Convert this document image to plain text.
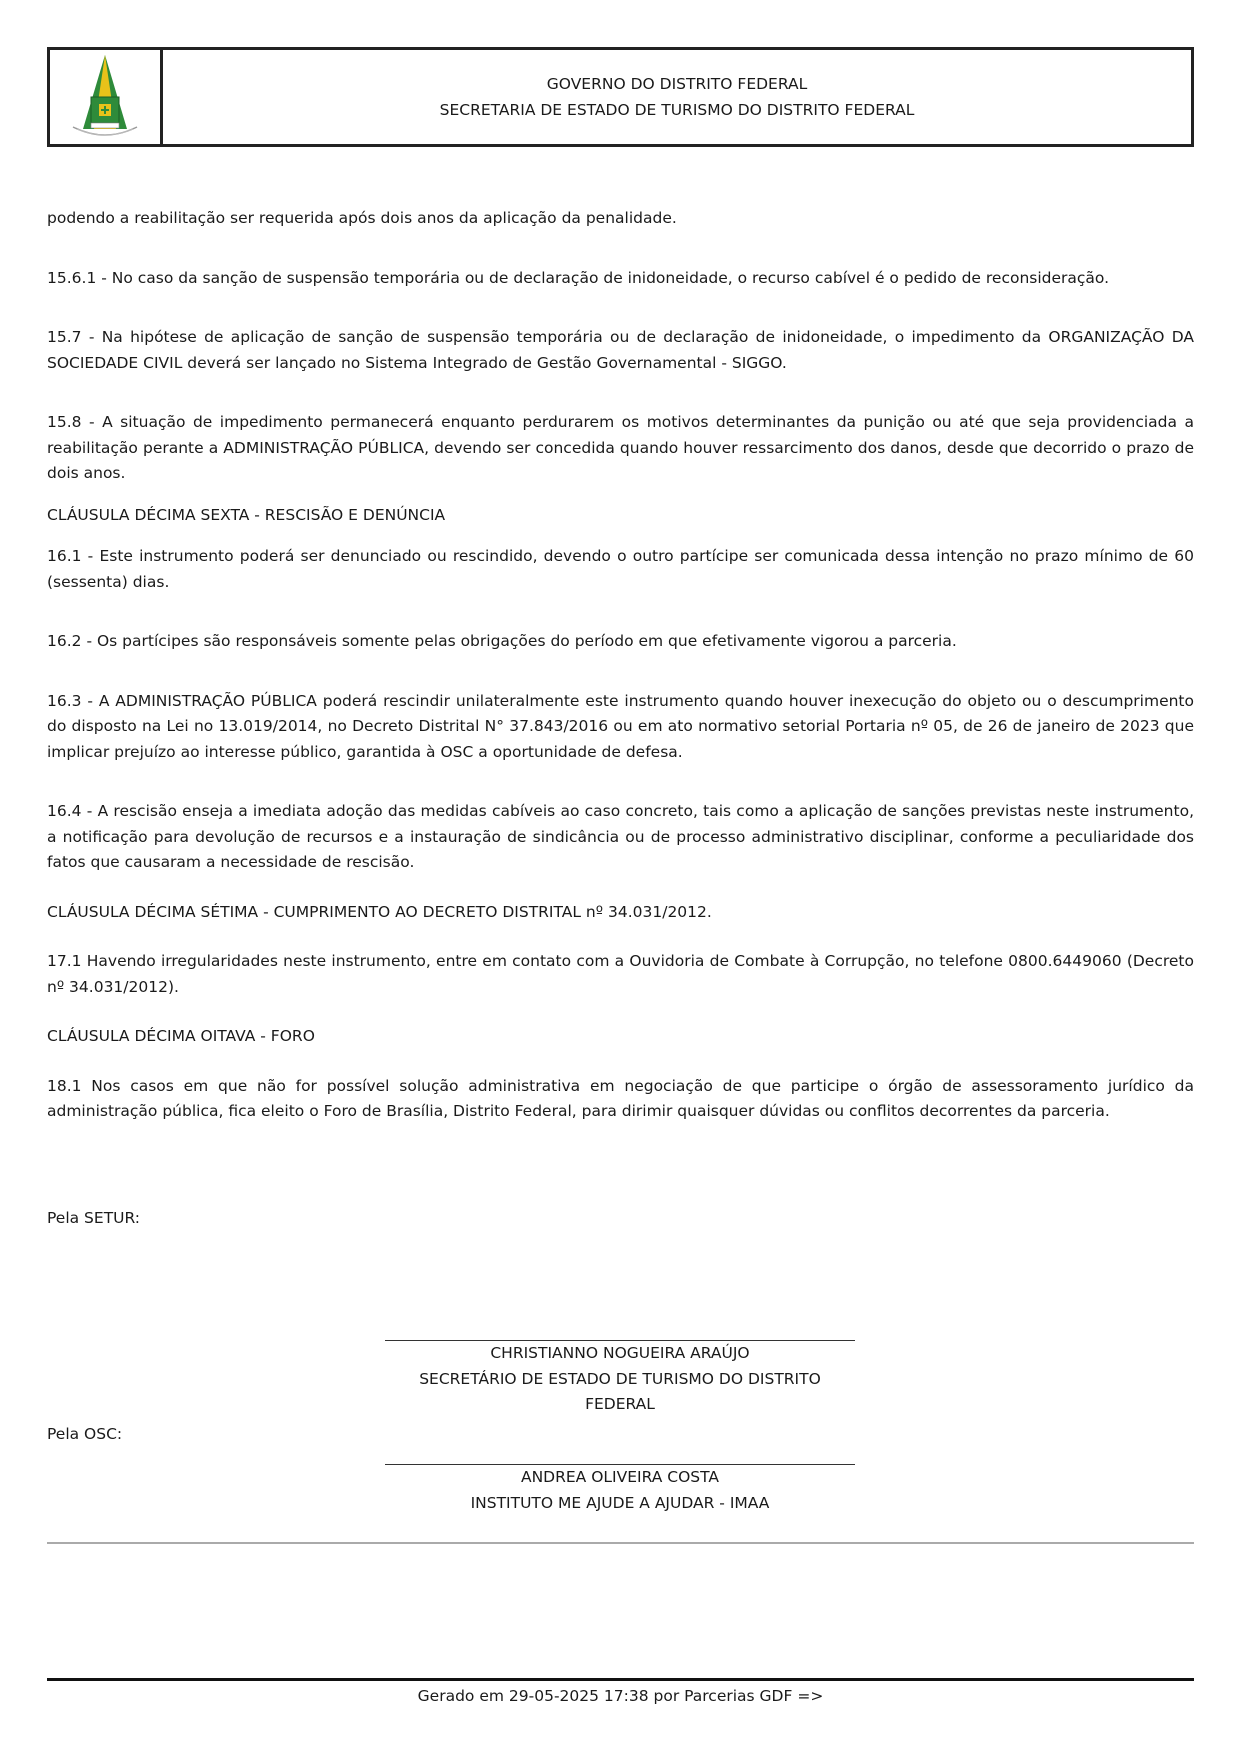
GOVERNO DO DISTRITO FEDERAL
SECRETARIA DE ESTADO DE TURISMO DO DISTRITO FEDERAL

podendo a reabilitação ser requerida após dois anos da aplicação da penalidade.

15.6.1 - No caso da sanção de suspensão temporária ou de declaração de inidoneidade, o recurso cabível é o pedido de reconsideração.

15.7 - Na hipótese de aplicação de sanção de suspensão temporária ou de declaração de inidoneidade, o impedimento da ORGANIZAÇÃO DA SOCIEDADE CIVIL deverá ser lançado no Sistema Integrado de Gestão Governamental - SIGGO.

15.8 - A situação de impedimento permanecerá enquanto perdurarem os motivos determinantes da punição ou até que seja providenciada a reabilitação perante a ADMINISTRAÇÃO PÚBLICA, devendo ser concedida quando houver ressarcimento dos danos, desde que decorrido o prazo de dois anos.

CLÁUSULA DÉCIMA SEXTA - RESCISÃO E DENÚNCIA

16.1 - Este instrumento poderá ser denunciado ou rescindido, devendo o outro partícipe ser comunicada dessa intenção no prazo mínimo de 60 (sessenta) dias.

16.2 - Os partícipes são responsáveis somente pelas obrigações do período em que efetivamente vigorou a parceria.

16.3 - A ADMINISTRAÇÃO PÚBLICA poderá rescindir unilateralmente este instrumento quando houver inexecução do objeto ou o descumprimento do disposto na Lei no 13.019/2014, no Decreto Distrital N° 37.843/2016 ou em ato normativo setorial Portaria nº 05, de 26 de janeiro de 2023 que implicar prejuízo ao interesse público, garantida à OSC a oportunidade de defesa.

16.4 - A rescisão enseja a imediata adoção das medidas cabíveis ao caso concreto, tais como a aplicação de sanções previstas neste instrumento, a notificação para devolução de recursos e a instauração de sindicância ou de processo administrativo disciplinar, conforme a peculiaridade dos fatos que causaram a necessidade de rescisão.

CLÁUSULA DÉCIMA SÉTIMA - CUMPRIMENTO AO DECRETO DISTRITAL nº 34.031/2012.

17.1 Havendo irregularidades neste instrumento, entre em contato com a Ouvidoria de Combate à Corrupção, no telefone 0800.6449060 (Decreto nº 34.031/2012).

CLÁUSULA DÉCIMA OITAVA - FORO

18.1 Nos casos em que não for possível solução administrativa em negociação de que participe o órgão de assessoramento jurídico da administração pública, fica eleito o Foro de Brasília, Distrito Federal, para dirimir quaisquer dúvidas ou conflitos decorrentes da parceria.

Pela SETUR:
CHRISTIANNO NOGUEIRA ARAÚJO
SECRETÁRIO DE ESTADO DE TURISMO DO DISTRITO FEDERAL
Pela OSC:
ANDREA OLIVEIRA COSTA
INSTITUTO ME AJUDE A AJUDAR - IMAA
Gerado em 29-05-2025 17:38 por Parcerias GDF =>
